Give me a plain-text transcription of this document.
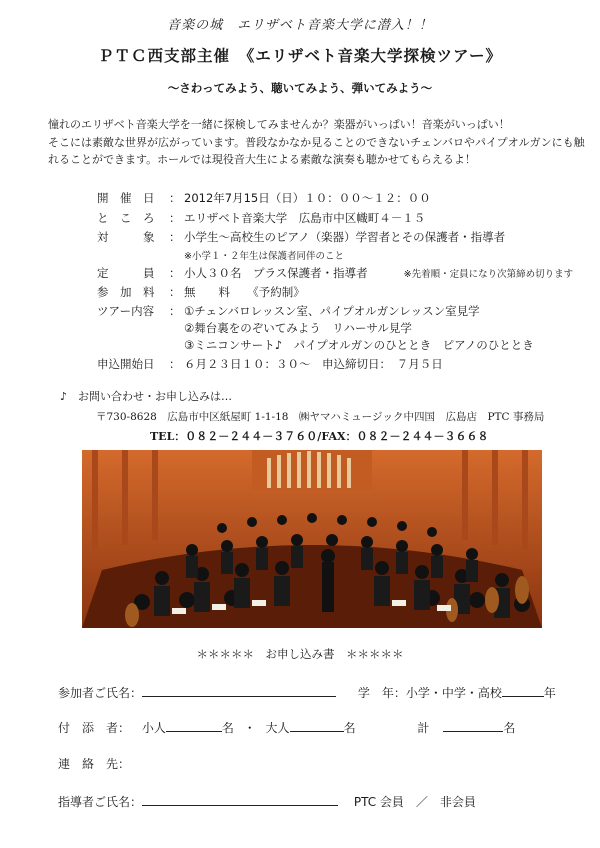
音楽の城　エリザベト音楽大学に潜入！！
ＰＴＣ西支部主催　《エリザベト音楽大学探検ツアー》
～さわってみよう、聴いてみよう、弾いてみよう～
憧れのエリザベト音楽大学を一緒に探検してみませんか？楽器がいっぱい！音楽がいっぱい！
そこには素敵な世界が広がっています。普段なかなか見ることのできないチェンバロやパイプオルガンにも触
れることができます。ホールでは現役音大生による素敵な演奏も聴かせてもらえるよ！
開　催　日 ： 2012年7月15日（日）１０：００～１２：００
と　こ　ろ ： エリザベト音楽大学　広島市中区幟町４－１５
対　　　象 ： 小学生～高校生のピアノ（楽器）学習者とその保護者・指導者
※小学１・２年生は保護者同伴のこと
定　　　員 ： 小人３０名　プラス保護者・指導者	※先着順・定員になり次第締め切ります
参　加　料 ： 無　　料　　《予約制》
ツアー内容 ： ①チェンバロレッスン室、パイプオルガンレッスン室見学
②舞台裏をのぞいてみよう　リハーサル見学
③ミニコンサート♪　パイプオルガンのひととき　ピアノのひととき
申込開始日 ： ６月２３日１０：３０～　申込締切日：　７月５日
♪　お問い合わせ・お申し込みは…
〒730-8628　広島市中区紙屋町 1-1-18　㈱ヤマハミュージック中四国　広島店　PTC 事務局
TEL：０８２－２４４－３７６０/FAX：０８２－２４４－３６６８
＊＊＊＊＊　お申し込み書　＊＊＊＊＊
参加者ご氏名：	学　年：小学・中学・高校	年
付　添　者： 小人	名 ・ 大人	名	計	名
連　絡　先：
指導者ご氏名：	PTC 会員　／　非会員
